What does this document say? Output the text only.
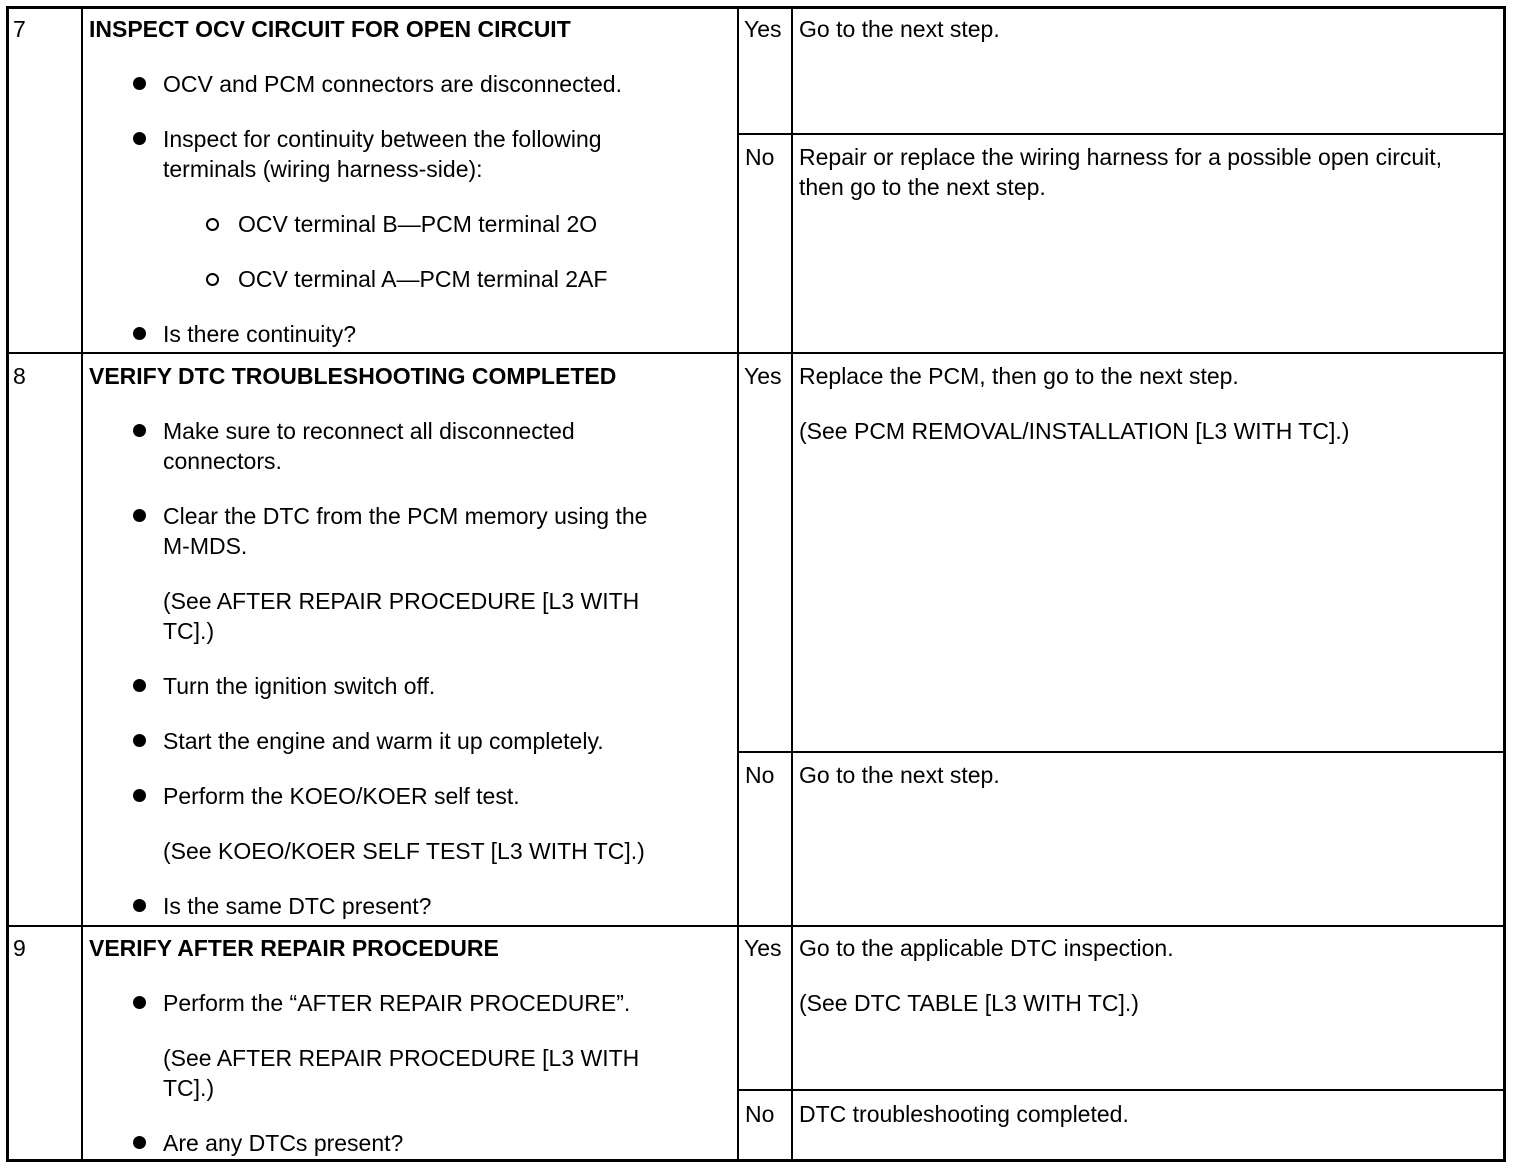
7	INSPECT OCV CIRCUIT FOR OPEN CIRCUIT
OCV and PCM connectors are disconnected.
Inspect for continuity between the following
terminals (wiring harness-side):
OCV terminal B—PCM terminal 2O
OCV terminal A—PCM terminal 2AF
Is there continuity?
Yes Go to the next step.
No Repair or replace the wiring harness for a possible open circuit,
then go to the next step.
8	VERIFY DTC TROUBLESHOOTING COMPLETED
Make sure to reconnect all disconnected
connectors.
Clear the DTC from the PCM memory using the
M-MDS.
(See AFTER REPAIR PROCEDURE [L3 WITH
TC].)
Turn the ignition switch off.
Start the engine and warm it up completely.
Perform the KOEO/KOER self test.
(See KOEO/KOER SELF TEST [L3 WITH TC].)
Is the same DTC present?
Yes Replace the PCM, then go to the next step.
(See PCM REMOVAL/INSTALLATION [L3 WITH TC].)
No Go to the next step.
9	VERIFY AFTER REPAIR PROCEDURE
Perform the “AFTER REPAIR PROCEDURE”.
(See AFTER REPAIR PROCEDURE [L3 WITH
TC].)
Are any DTCs present?
Yes Go to the applicable DTC inspection.
(See DTC TABLE [L3 WITH TC].)
No DTC troubleshooting completed.
